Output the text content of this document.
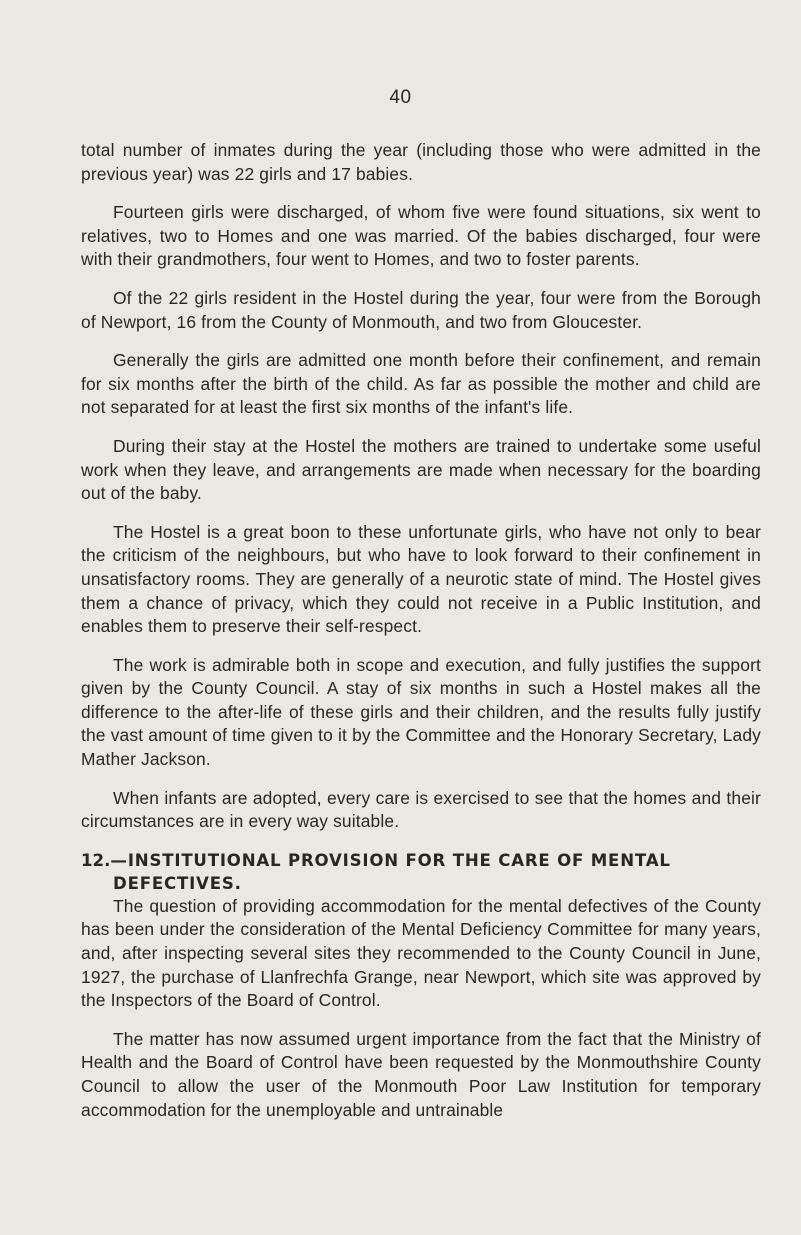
40

total number of inmates during the year (including those who were admitted in the previous year) was 22 girls and 17 babies.

Fourteen girls were discharged, of whom five were found situations, six went to relatives, two to Homes and one was married. Of the babies discharged, four were with their grandmothers, four went to Homes, and two to foster parents.

Of the 22 girls resident in the Hostel during the year, four were from the Borough of Newport, 16 from the County of Monmouth, and two from Gloucester.

Generally the girls are admitted one month before their confinement, and remain for six months after the birth of the child. As far as possible the mother and child are not separated for at least the first six months of the infant's life.

During their stay at the Hostel the mothers are trained to undertake some useful work when they leave, and arrangements are made when necessary for the boarding out of the baby.

The Hostel is a great boon to these unfortunate girls, who have not only to bear the criticism of the neighbours, but who have to look forward to their confinement in unsatisfactory rooms. They are generally of a neurotic state of mind. The Hostel gives them a chance of privacy, which they could not receive in a Public Institution, and enables them to preserve their self-respect.

The work is admirable both in scope and execution, and fully justifies the support given by the County Council. A stay of six months in such a Hostel makes all the difference to the after-life of these girls and their children, and the results fully justify the vast amount of time given to it by the Committee and the Honorary Secretary, Lady Mather Jackson.

When infants are adopted, every care is exercised to see that the homes and their circumstances are in every way suitable.

12.—INSTITUTIONAL PROVISION FOR THE CARE OF MENTAL
DEFECTIVES.

The question of providing accommodation for the mental defectives of the County has been under the consideration of the Mental Deficiency Committee for many years, and, after inspecting several sites they recommended to the County Council in June, 1927, the purchase of Llanfrechfa Grange, near Newport, which site was approved by the Inspectors of the Board of Control.

The matter has now assumed urgent importance from the fact that the Ministry of Health and the Board of Control have been requested by the Monmouthshire County Council to allow the user of the Monmouth Poor Law Institution for temporary accommodation for the unemployable and untrainable
